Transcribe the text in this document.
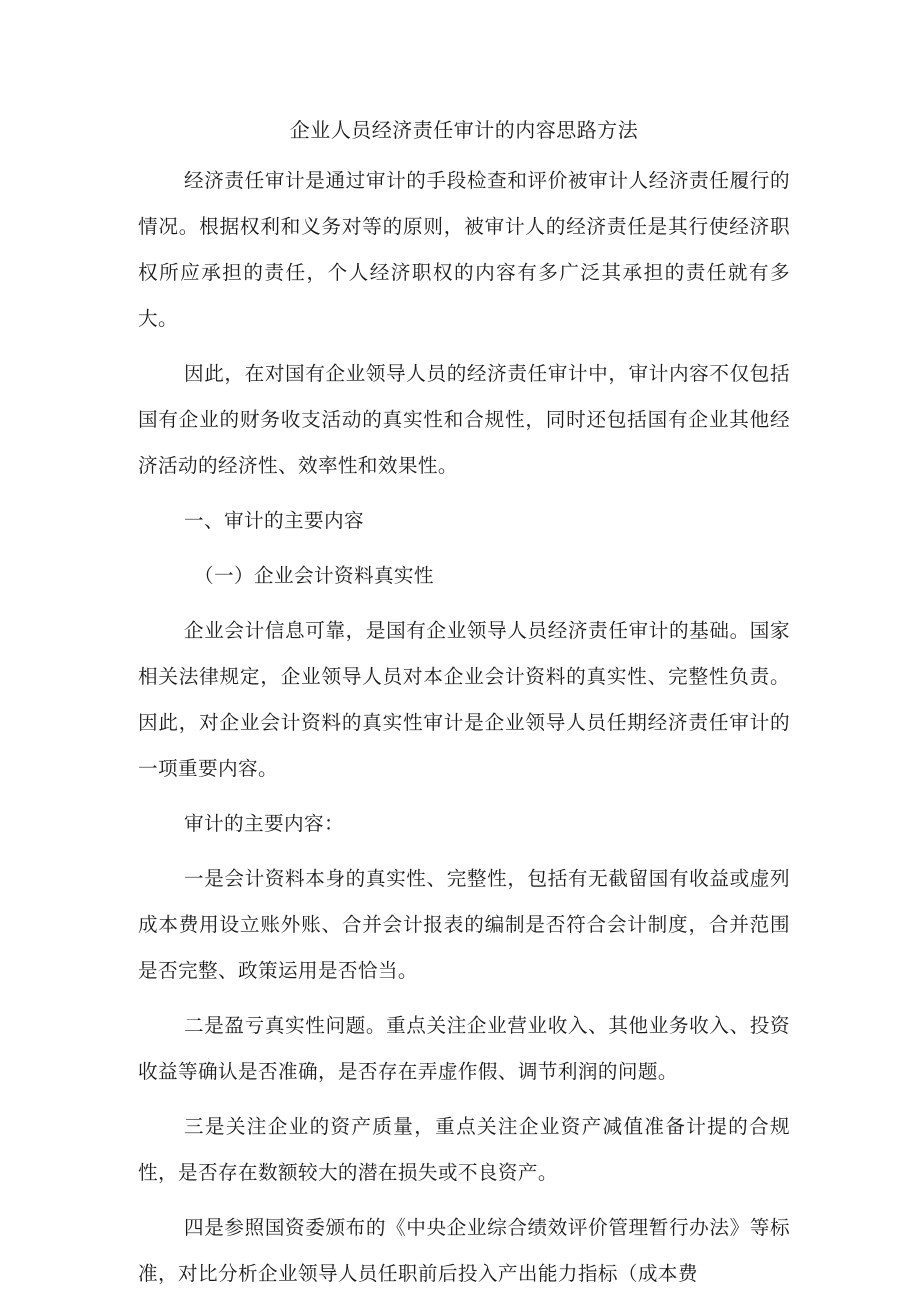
企业人员经济责任审计的内容思路方法

经济责任审计是通过审计的手段检查和评价被审计人经济责任履行的情况。根据权利和义务对等的原则，被审计人的经济责任是其行使经济职权所应承担的责任，个人经济职权的内容有多广泛其承担的责任就有多大。

因此，在对国有企业领导人员的经济责任审计中，审计内容不仅包括国有企业的财务收支活动的真实性和合规性，同时还包括国有企业其他经济活动的经济性、效率性和效果性。

一、审计的主要内容

（一）企业会计资料真实性

企业会计信息可靠，是国有企业领导人员经济责任审计的基础。国家相关法律规定，企业领导人员对本企业会计资料的真实性、完整性负责。因此，对企业会计资料的真实性审计是企业领导人员任期经济责任审计的一项重要内容。

审计的主要内容：

一是会计资料本身的真实性、完整性，包括有无截留国有收益或虚列成本费用设立账外账、合并会计报表的编制是否符合会计制度，合并范围是否完整、政策运用是否恰当。

二是盈亏真实性问题。重点关注企业营业收入、其他业务收入、投资收益等确认是否准确，是否存在弄虚作假、调节利润的问题。

三是关注企业的资产质量，重点关注企业资产减值准备计提的合规性，是否存在数额较大的潜在损失或不良资产。

四是参照国资委颁布的《中央企业综合绩效评价管理暂行办法》等标准，对比分析企业领导人员任职前后投入产出能力指标（成本费
